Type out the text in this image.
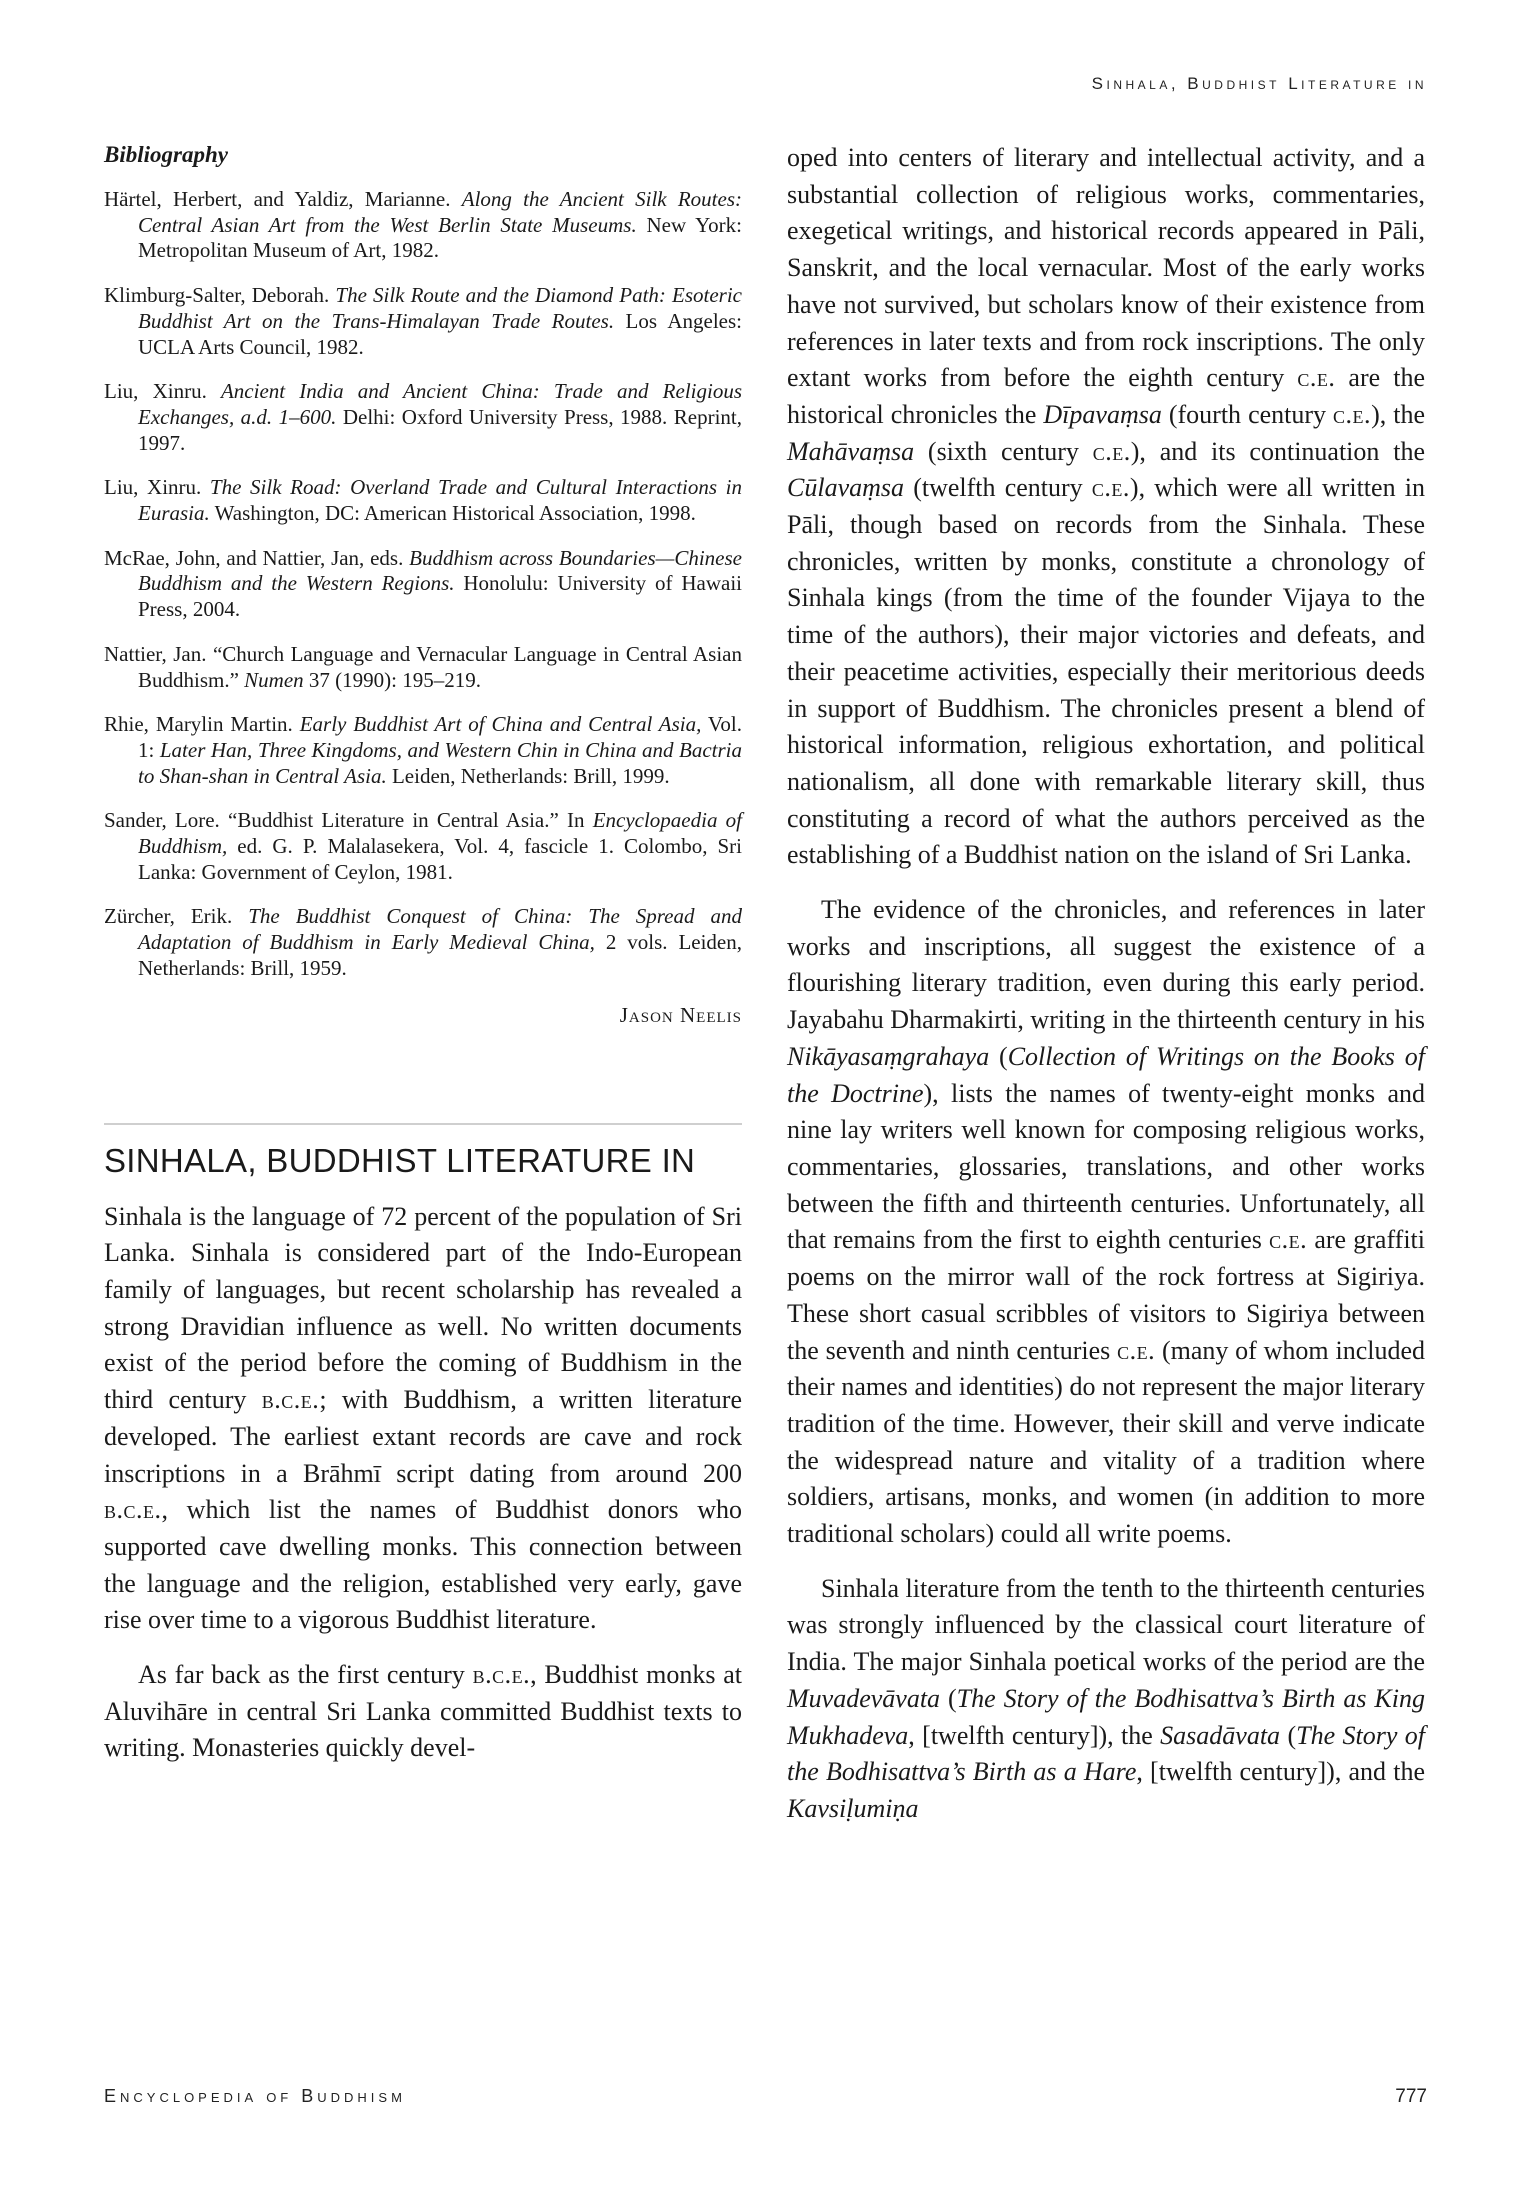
Sinhala, Buddhist Literature in
Bibliography
Härtel, Herbert, and Yaldiz, Marianne. Along the Ancient Silk Routes: Central Asian Art from the West Berlin State Museums. New York: Metropolitan Museum of Art, 1982.
Klimburg-Salter, Deborah. The Silk Route and the Diamond Path: Esoteric Buddhist Art on the Trans-Himalayan Trade Routes. Los Angeles: UCLA Arts Council, 1982.
Liu, Xinru. Ancient India and Ancient China: Trade and Religious Exchanges, a.d. 1–600. Delhi: Oxford University Press, 1988. Reprint, 1997.
Liu, Xinru. The Silk Road: Overland Trade and Cultural Interactions in Eurasia. Washington, DC: American Historical Association, 1998.
McRae, John, and Nattier, Jan, eds. Buddhism across Boundaries—Chinese Buddhism and the Western Regions. Honolulu: University of Hawaii Press, 2004.
Nattier, Jan. “Church Language and Vernacular Language in Central Asian Buddhism.” Numen 37 (1990): 195–219.
Rhie, Marylin Martin. Early Buddhist Art of China and Central Asia, Vol. 1: Later Han, Three Kingdoms, and Western Chin in China and Bactria to Shan-shan in Central Asia. Leiden, Netherlands: Brill, 1999.
Sander, Lore. “Buddhist Literature in Central Asia.” In Encyclopaedia of Buddhism, ed. G. P. Malalasekera, Vol. 4, fascicle 1. Colombo, Sri Lanka: Government of Ceylon, 1981.
Zürcher, Erik. The Buddhist Conquest of China: The Spread and Adaptation of Buddhism in Early Medieval China, 2 vols. Leiden, Netherlands: Brill, 1959.
Jason Neelis
SINHALA, BUDDHIST LITERATURE IN

Sinhala is the language of 72 percent of the population of Sri Lanka. Sinhala is considered part of the Indo-European family of languages, but recent scholarship has revealed a strong Dravidian influence as well. No written documents exist of the period before the coming of Buddhism in the third century b.c.e.; with Buddhism, a written literature developed. The earliest extant records are cave and rock inscriptions in a Brāhmī script dating from around 200 b.c.e., which list the names of Buddhist donors who supported cave dwelling monks. This connection between the language and the religion, established very early, gave rise over time to a vigorous Buddhist literature.

As far back as the first century b.c.e., Buddhist monks at Aluvihāre in central Sri Lanka committed Buddhist texts to writing. Monasteries quickly devel-

oped into centers of literary and intellectual activity, and a substantial collection of religious works, commentaries, exegetical writings, and historical records appeared in Pāli, Sanskrit, and the local vernacular. Most of the early works have not survived, but scholars know of their existence from references in later texts and from rock inscriptions. The only extant works from before the eighth century c.e. are the historical chronicles the Dīpavaṃsa (fourth century c.e.), the Mahāvaṃsa (sixth century c.e.), and its continuation the Cūlavaṃsa (twelfth century c.e.), which were all written in Pāli, though based on records from the Sinhala. These chronicles, written by monks, constitute a chronology of Sinhala kings (from the time of the founder Vijaya to the time of the authors), their major victories and defeats, and their peacetime activities, especially their meritorious deeds in support of Buddhism. The chronicles present a blend of historical information, religious exhortation, and political nationalism, all done with remarkable literary skill, thus constituting a record of what the authors perceived as the establishing of a Buddhist nation on the island of Sri Lanka.

The evidence of the chronicles, and references in later works and inscriptions, all suggest the existence of a flourishing literary tradition, even during this early period. Jayabahu Dharmakirti, writing in the thirteenth century in his Nikāyasaṃgrahaya (Collection of Writings on the Books of the Doctrine), lists the names of twenty-eight monks and nine lay writers well known for composing religious works, commentaries, glossaries, translations, and other works between the fifth and thirteenth centuries. Unfortunately, all that remains from the first to eighth centuries c.e. are graffiti poems on the mirror wall of the rock fortress at Sigiriya. These short casual scribbles of visitors to Sigiriya between the seventh and ninth centuries c.e. (many of whom included their names and identities) do not represent the major literary tradition of the time. However, their skill and verve indicate the widespread nature and vitality of a tradition where soldiers, artisans, monks, and women (in addition to more traditional scholars) could all write poems.

Sinhala literature from the tenth to the thirteenth centuries was strongly influenced by the classical court literature of India. The major Sinhala poetical works of the period are the Muvadevāvata (The Story of the Bodhisattva’s Birth as King Mukhadeva, [twelfth century]), the Sasadāvata (The Story of the Bodhisattva’s Birth as a Hare, [twelfth century]), and the Kavsiḷumiṇa

Encyclopedia of Buddhism	777
